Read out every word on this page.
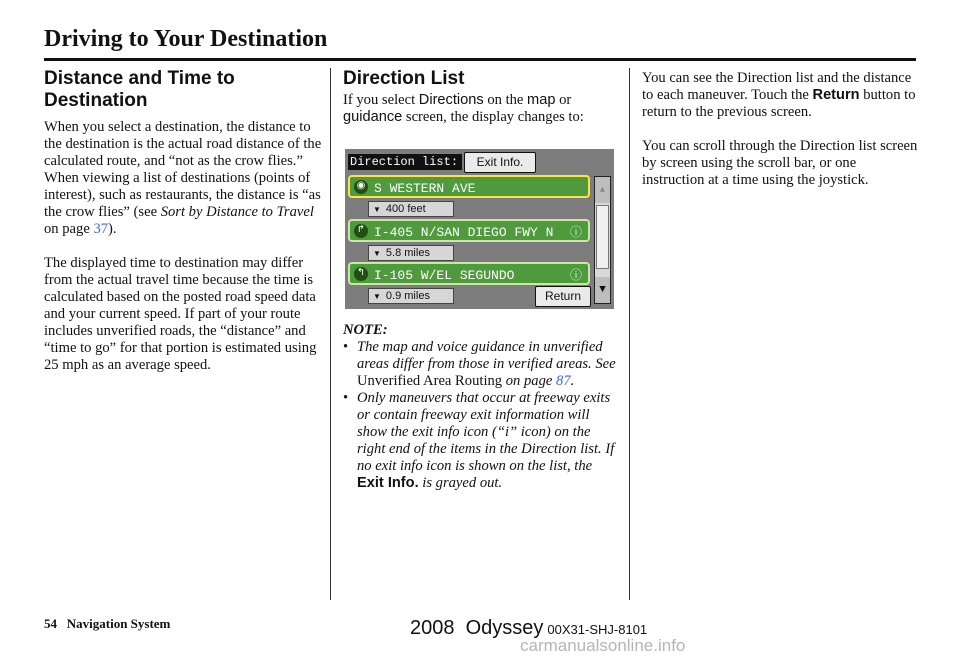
Driving to Your Destination
Distance and Time to Destination

When you select a destination, the distance to the destination is the actual road distance of the calculated route, and “not as the crow flies.” When viewing a list of destinations (points of interest), such as restaurants, the distance is “as the crow flies” (see Sort by Distance to Travel on page 37).

The displayed time to destination may differ from the actual travel time because the time is calculated based on the posted road speed data and your current speed. If part of your route includes unverified roads, the “distance” and “time to go” for that portion is estimated using 25 mph as an average speed.

Direction List

If you select Directions on the map or guidance screen, the display changes to:

Direction list:	Exit Info.
◉ S WESTERN AVE
▼ 400 feet
↱ I-405 N/SAN DIEGO FWY N ⓘ
▼ 5.8 miles
↰ I-105 W/EL SEGUNDO	ⓘ
▼ 0.9 miles
▲
▼
Return

NOTE:

• The map and voice guidance in unverified areas differ from those in verified areas. See Unverified Area Routing on page 87.

• Only maneuvers that occur at freeway exits or contain freeway exit information will show the exit info icon (“i” icon) on the right end of the items in the Direction list. If no exit info icon is shown on the list, the Exit Info. is grayed out.

You can see the Direction list and the distance to each maneuver. Touch the Return button to return to the previous screen.

You can scroll through the Direction list screen by screen using the scroll bar, or one instruction at a time using the joystick.

54 Navigation System	2008  Odyssey 00X31-SHJ-8101
carmanualsonline.info
